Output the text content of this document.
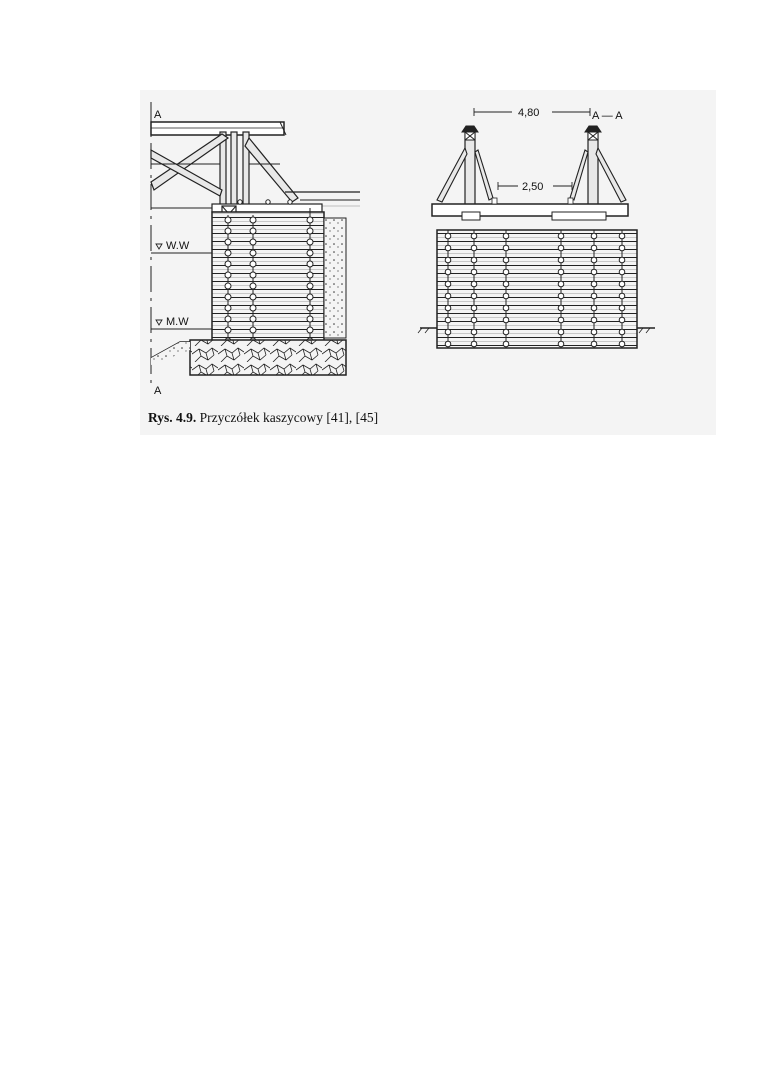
A
A
W.W
M.W
A — A
4,80
2,50

Rys. 4.9. Przyczółek kaszycowy [41], [45]
